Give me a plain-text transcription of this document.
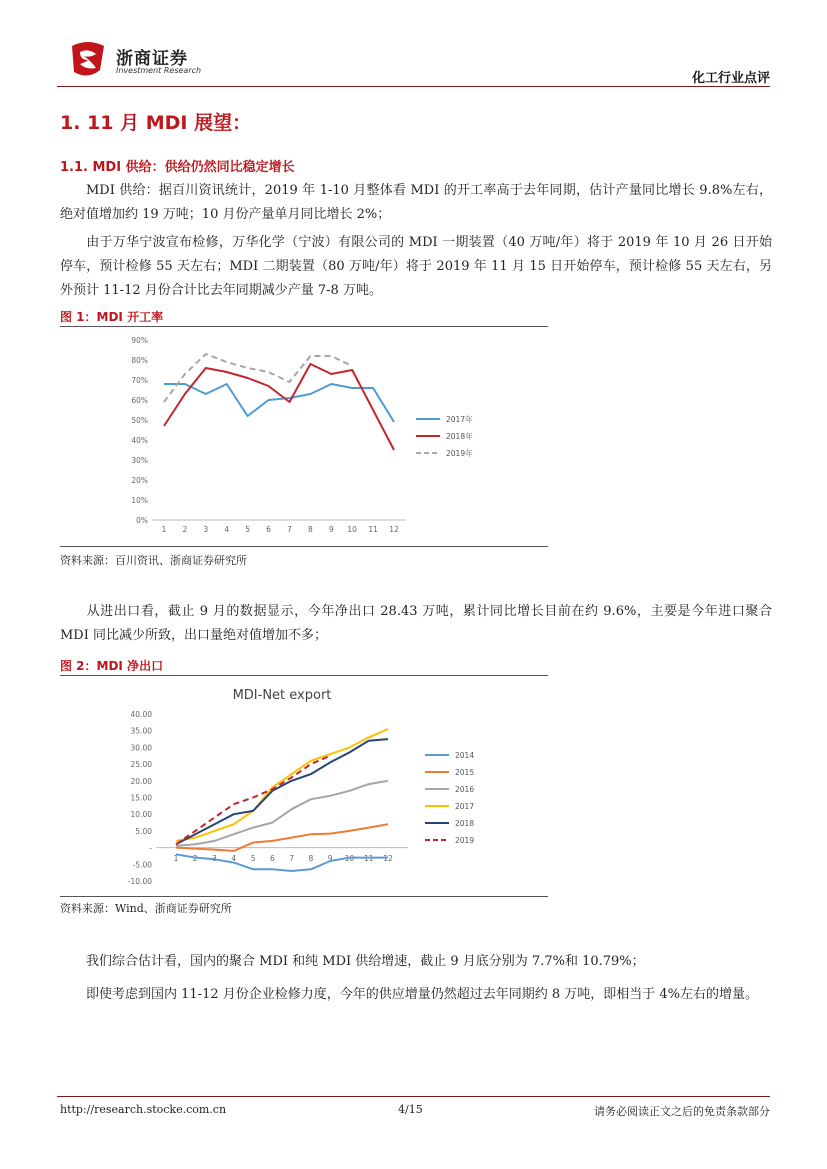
浙商证券
Investment Research
化工行业点评
1. 11 月 MDI 展望：
1.1. MDI 供给：供给仍然同比稳定增长
MDI 供给：据百川资讯统计，2019 年 1-10 月整体看 MDI 的开工率高于去年同期，估计产量同比增长 9.8%左右，绝对值增加约 19 万吨；10 月份产量单月同比增长 2%；
由于万华宁波宣布检修，万华化学（宁波）有限公司的 MDI 一期装置（40 万吨/年）将于 2019 年 10 月 26 日开始停车，预计检修 55 天左右；MDI 二期装置（80 万吨/年）将于 2019 年 11 月 15 日开始停车，预计检修 55 天左右，另外预计 11-12 月份合计比去年同期减少产量 7-8 万吨。
图 1：MDI 开工率
0%
10%
20%
30%
40%
50%
60%
70%
80%
90%
1 2 3 4 5 6 7 8 9 10 11 12
2017年
2018年
2019年
资料来源：百川资讯、浙商证券研究所
从进出口看，截止 9 月的数据显示，今年净出口 28.43 万吨，累计同比增长目前在约 9.6%，主要是今年进口聚合 MDI 同比减少所致，出口量绝对值增加不多；
图 2：MDI 净出口
MDI-Net export
-10.00
-5.00
-
5.00
10.00
15.00
20.00
25.00
30.00
35.00
40.00
1 2 3 4 5 6 7 8 9 10 11 12
2014
2015
2016
2017
2018
2019
资料来源：Wind、浙商证券研究所
我们综合估计看，国内的聚合 MDI 和纯 MDI 供给增速，截止 9 月底分别为 7.7%和 10.79%；
即使考虑到国内 11-12 月份企业检修力度，今年的供应增量仍然超过去年同期约 8 万吨，即相当于 4%左右的增量。
http://research.stocke.com.cn	4/15	请务必阅读正文之后的免责条款部分
